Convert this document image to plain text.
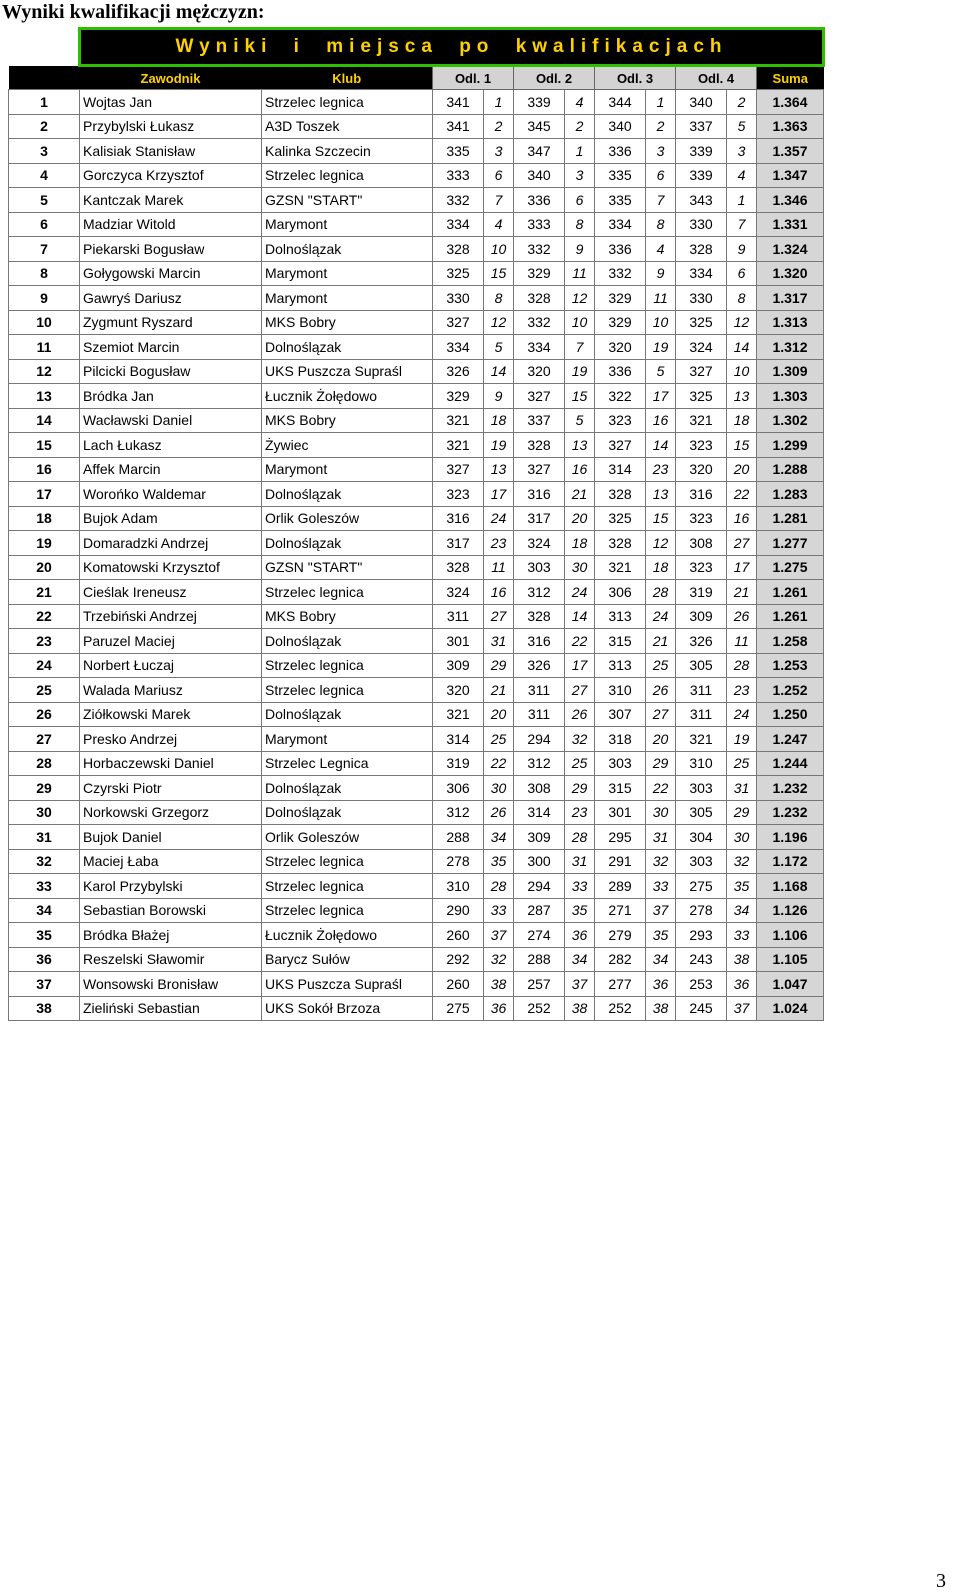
Wyniki kwalifikacji mężczyzn:
	Wyniki i miejsca po kwalifikacjach										
	Zawodnik	Klub	Odl. 1		Odl. 2		Odl. 3		Odl. 4		Suma
1	Wojtas Jan	Strzelec legnica	341	1	339	4	344	1	340	2	1.364
2	Przybylski Łukasz	A3D Toszek	341	2	345	2	340	2	337	5	1.363
3	Kalisiak Stanisław	Kalinka Szczecin	335	3	347	1	336	3	339	3	1.357
4	Gorczyca Krzysztof	Strzelec legnica	333	6	340	3	335	6	339	4	1.347
5	Kantczak Marek	GZSN "START"	332	7	336	6	335	7	343	1	1.346
6	Madziar Witold	Marymont	334	4	333	8	334	8	330	7	1.331
7	Piekarski Bogusław	Dolnoślązak	328	10	332	9	336	4	328	9	1.324
8	Gołygowski Marcin	Marymont	325	15	329	11	332	9	334	6	1.320
9	Gawryś Dariusz	Marymont	330	8	328	12	329	11	330	8	1.317
10	Zygmunt Ryszard	MKS Bobry	327	12	332	10	329	10	325	12	1.313
11	Szemiot Marcin	Dolnoślązak	334	5	334	7	320	19	324	14	1.312
12	Pilcicki Bogusław	UKS Puszcza Supraśl	326	14	320	19	336	5	327	10	1.309
13	Bródka Jan	Łucznik Żołędowo	329	9	327	15	322	17	325	13	1.303
14	Wacławski Daniel	MKS Bobry	321	18	337	5	323	16	321	18	1.302
15	Lach Łukasz	Żywiec	321	19	328	13	327	14	323	15	1.299
16	Affek Marcin	Marymont	327	13	327	16	314	23	320	20	1.288
17	Worońko Waldemar	Dolnoślązak	323	17	316	21	328	13	316	22	1.283
18	Bujok Adam	Orlik Goleszów	316	24	317	20	325	15	323	16	1.281
19	Domaradzki Andrzej	Dolnoślązak	317	23	324	18	328	12	308	27	1.277
20	Komatowski Krzysztof	GZSN "START"	328	11	303	30	321	18	323	17	1.275
21	Cieślak Ireneusz	Strzelec legnica	324	16	312	24	306	28	319	21	1.261
22	Trzebiński Andrzej	MKS Bobry	311	27	328	14	313	24	309	26	1.261
23	Paruzel Maciej	Dolnoślązak	301	31	316	22	315	21	326	11	1.258
24	Norbert Łuczaj	Strzelec legnica	309	29	326	17	313	25	305	28	1.253
25	Walada Mariusz	Strzelec legnica	320	21	311	27	310	26	311	23	1.252
26	Ziółkowski Marek	Dolnoślązak	321	20	311	26	307	27	311	24	1.250
27	Presko Andrzej	Marymont	314	25	294	32	318	20	321	19	1.247
28	Horbaczewski Daniel	Strzelec Legnica	319	22	312	25	303	29	310	25	1.244
29	Czyrski Piotr	Dolnoślązak	306	30	308	29	315	22	303	31	1.232
30	Norkowski Grzegorz	Dolnoślązak	312	26	314	23	301	30	305	29	1.232
31	Bujok Daniel	Orlik Goleszów	288	34	309	28	295	31	304	30	1.196
32	Maciej Łaba	Strzelec legnica	278	35	300	31	291	32	303	32	1.172
33	Karol Przybylski	Strzelec legnica	310	28	294	33	289	33	275	35	1.168
34	Sebastian Borowski	Strzelec legnica	290	33	287	35	271	37	278	34	1.126
35	Bródka Błażej	Łucznik Żołędowo	260	37	274	36	279	35	293	33	1.106
36	Reszelski Sławomir	Barycz Sułów	292	32	288	34	282	34	243	38	1.105
37	Wonsowski Bronisław	UKS Puszcza Supraśl	260	38	257	37	277	36	253	36	1.047
38	Zieliński Sebastian	UKS Sokół Brzoza	275	36	252	38	252	38	245	37	1.024
3
